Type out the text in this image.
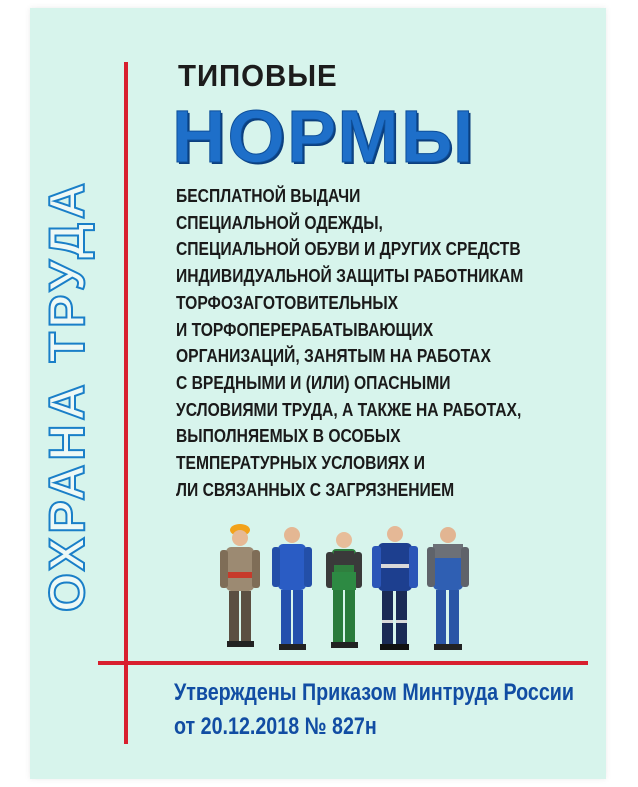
ОХРАНА ТРУДА
ТИПОВЫЕ
НОРМЫ
БЕСПЛАТНОЙ ВЫДАЧИ
СПЕЦИАЛЬНОЙ ОДЕЖДЫ,
СПЕЦИАЛЬНОЙ ОБУВИ И ДРУГИХ СРЕДСТВ
ИНДИВИДУАЛЬНОЙ ЗАЩИТЫ РАБОТНИКАМ
ТОРФОЗАГОТОВИТЕЛЬНЫХ
И ТОРФОПЕРЕРАБАТЫВАЮЩИХ
ОРГАНИЗАЦИЙ, ЗАНЯТЫМ НА РАБОТАХ
С ВРЕДНЫМИ И (ИЛИ) ОПАСНЫМИ
УСЛОВИЯМИ ТРУДА, А ТАКЖЕ НА РАБОТАХ,
ВЫПОЛНЯЕМЫХ В ОСОБЫХ
ТЕМПЕРАТУРНЫХ УСЛОВИЯХ И
ЛИ СВЯЗАННЫХ С ЗАГРЯЗНЕНИЕМ
Утверждены Приказом Минтруда России
от 20.12.2018 № 827н
